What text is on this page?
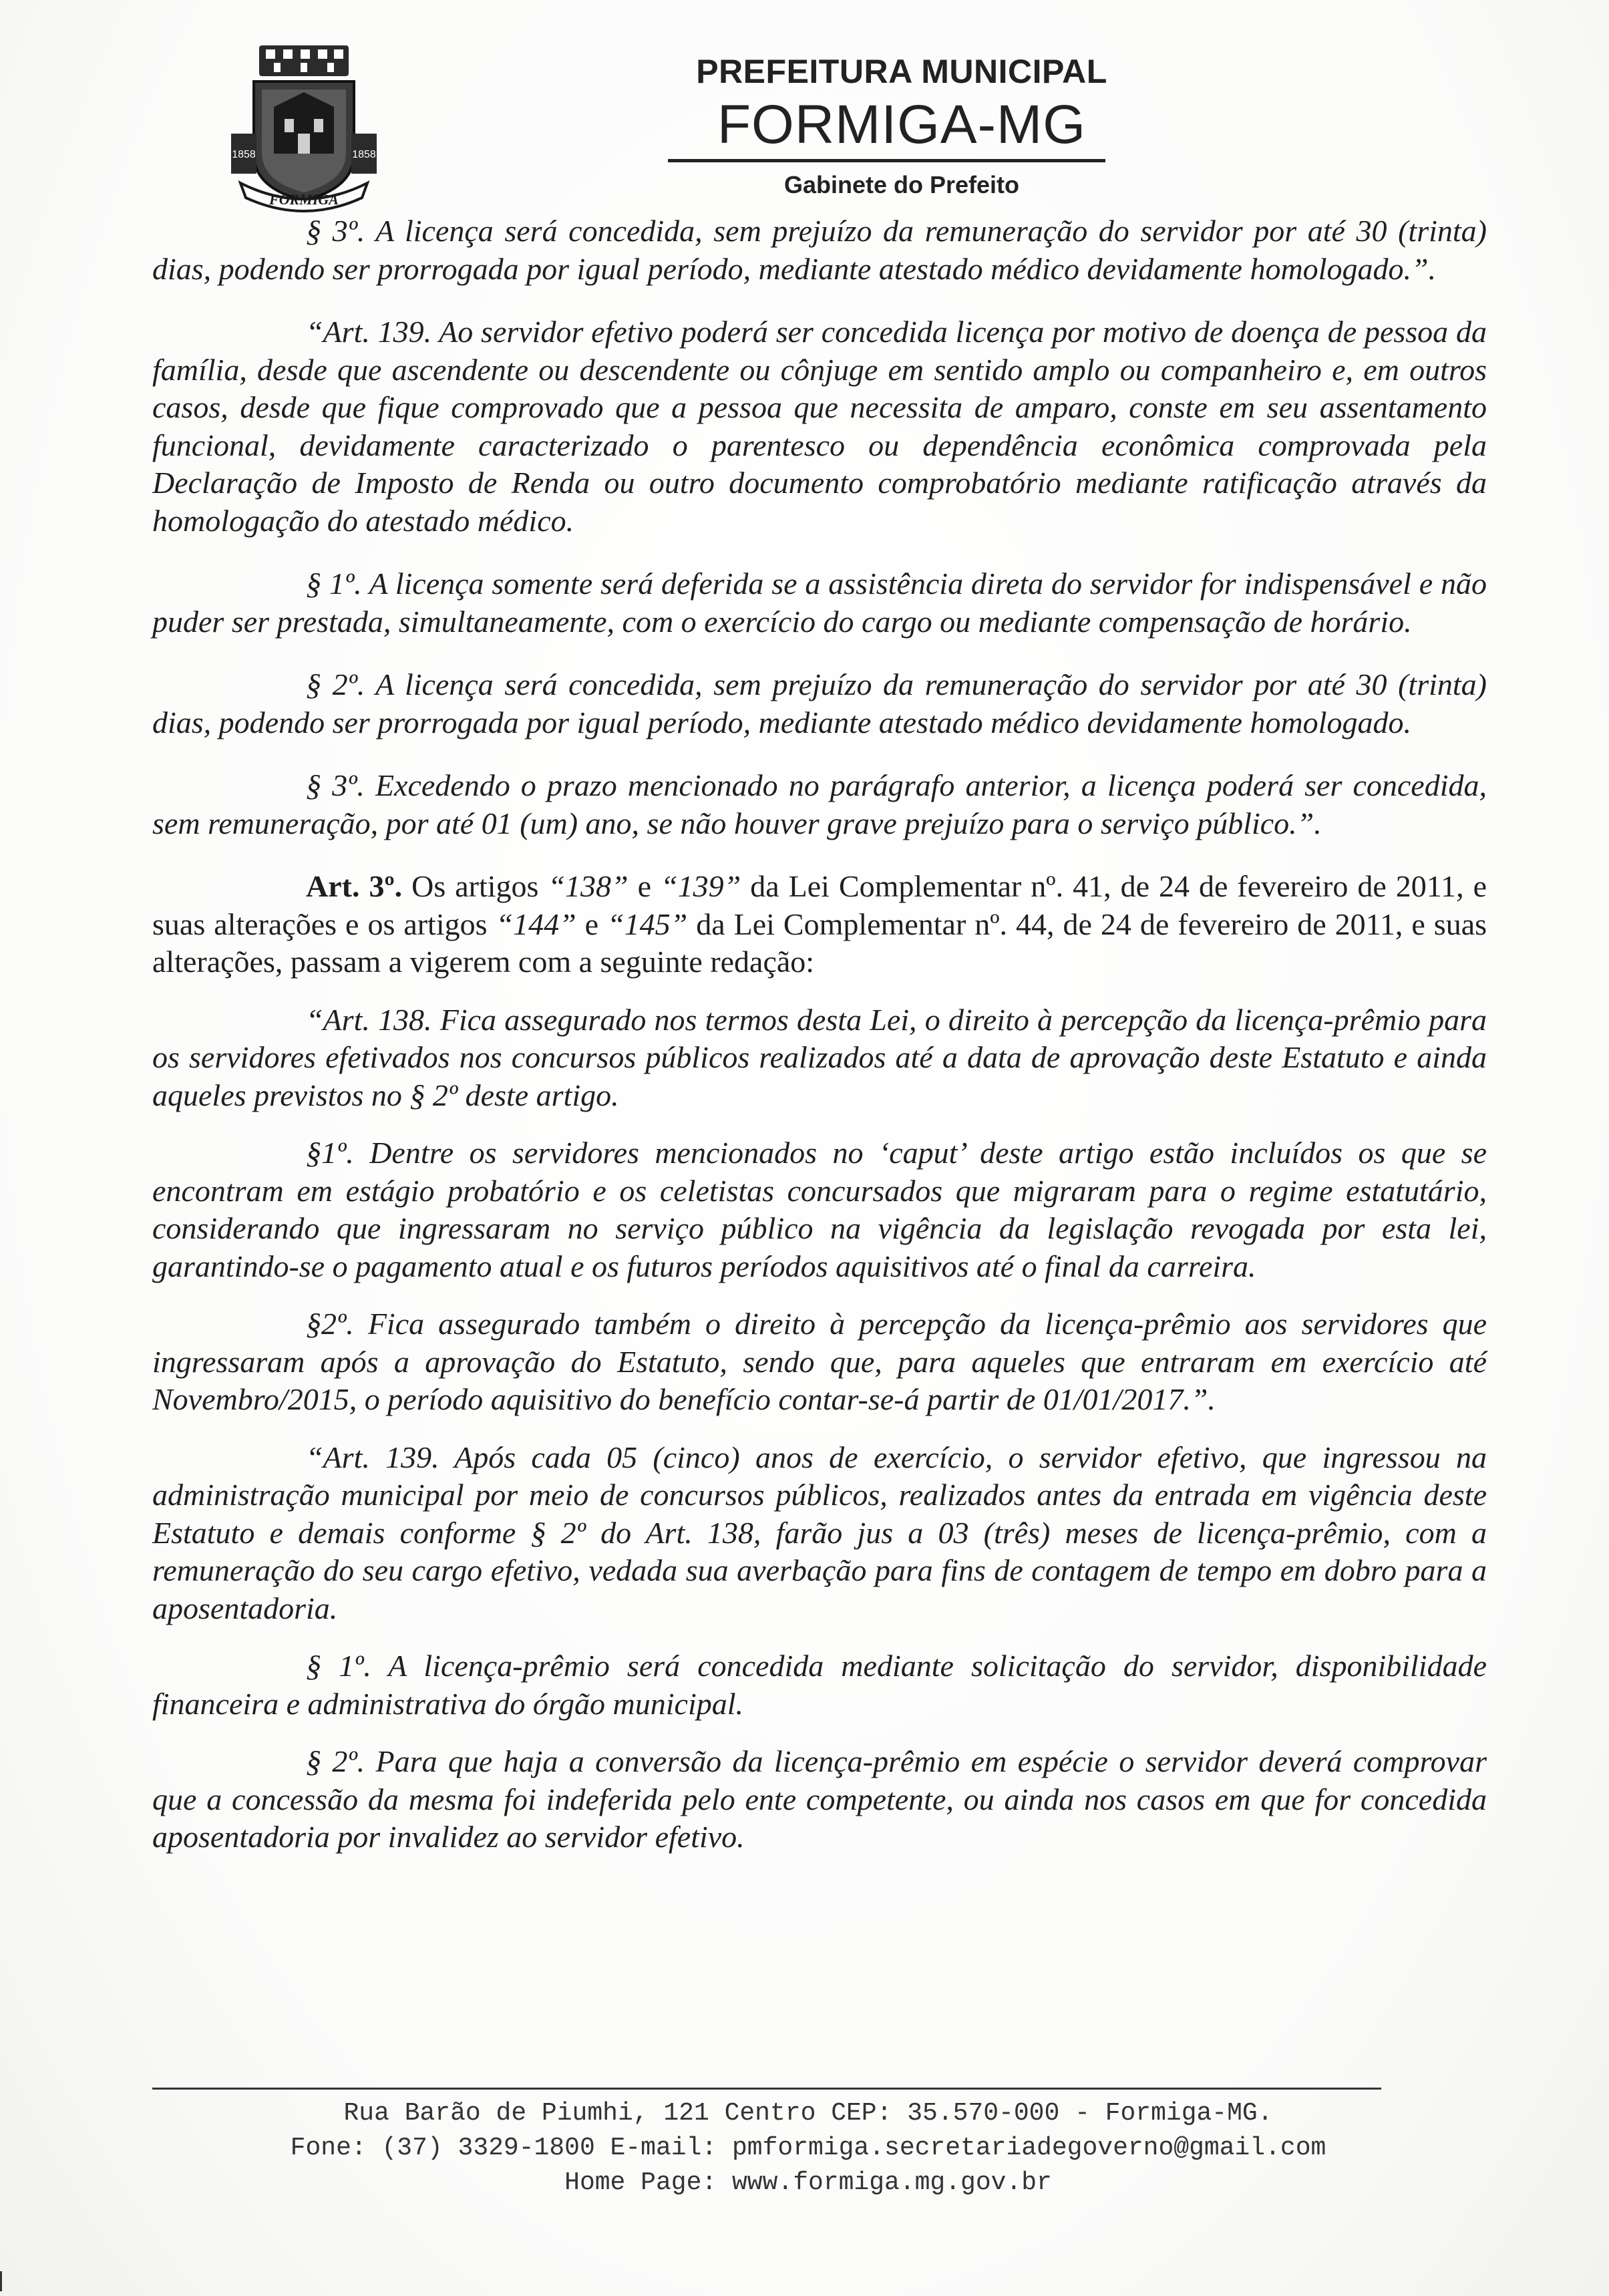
1858	1858
FORMIGA
PREFEITURA MUNICIPAL
FORMIGA-MG
Gabinete do Prefeito

§ 3º. A licença será concedida, sem prejuízo da remuneração do servidor por até 30 (trinta) dias, podendo ser prorrogada por igual período, mediante atestado médico devidamente homologado.”.

“Art. 139. Ao servidor efetivo poderá ser concedida licença por motivo de doença de pessoa da família, desde que ascendente ou descendente ou cônjuge em sentido amplo ou companheiro e, em outros casos, desde que fique comprovado que a pessoa que necessita de amparo, conste em seu assentamento funcional, devidamente caracterizado o parentesco ou dependência econômica comprovada pela Declaração de Imposto de Renda ou outro documento comprobatório mediante ratificação através da homologação do atestado médico.

§ 1º. A licença somente será deferida se a assistência direta do servidor for indispensável e não puder ser prestada, simultaneamente, com o exercício do cargo ou mediante compensação de horário.

§ 2º. A licença será concedida, sem prejuízo da remuneração do servidor por até 30 (trinta) dias, podendo ser prorrogada por igual período, mediante atestado médico devidamente homologado.

§ 3º. Excedendo o prazo mencionado no parágrafo anterior, a licença poderá ser concedida, sem remuneração, por até 01 (um) ano, se não houver grave prejuízo para o serviço público.”.

Art. 3º. Os artigos “138” e “139” da Lei Complementar nº. 41, de 24 de fevereiro de 2011, e suas alterações e os artigos “144” e “145” da Lei Complementar nº. 44, de 24 de fevereiro de 2011, e suas alterações, passam a vigerem com a seguinte redação:

“Art. 138. Fica assegurado nos termos desta Lei, o direito à percepção da licença-prêmio para os servidores efetivados nos concursos públicos realizados até a data de aprovação deste Estatuto e ainda aqueles previstos no § 2º deste artigo.

§1º. Dentre os servidores mencionados no ‘caput’ deste artigo estão incluídos os que se encontram em estágio probatório e os celetistas concursados que migraram para o regime estatutário, considerando que ingressaram no serviço público na vigência da legislação revogada por esta lei, garantindo-se o pagamento atual e os futuros períodos aquisitivos até o final da carreira.

§2º. Fica assegurado também o direito à percepção da licença-prêmio aos servidores que ingressaram após a aprovação do Estatuto, sendo que, para aqueles que entraram em exercício até Novembro/2015, o período aquisitivo do benefício contar-se-á partir de 01/01/2017.”.

“Art. 139. Após cada 05 (cinco) anos de exercício, o servidor efetivo, que ingressou na administração municipal por meio de concursos públicos, realizados antes da entrada em vigência deste Estatuto e demais conforme § 2º do Art. 138, farão jus a 03 (três) meses de licença-prêmio, com a remuneração do seu cargo efetivo, vedada sua averbação para fins de contagem de tempo em dobro para a aposentadoria.

§ 1º. A licença-prêmio será concedida mediante solicitação do servidor, disponibilidade financeira e administrativa do órgão municipal.

§ 2º. Para que haja a conversão da licença-prêmio em espécie o servidor deverá comprovar que a concessão da mesma foi indeferida pelo ente competente, ou ainda nos casos em que for concedida aposentadoria por invalidez ao servidor efetivo.

Rua Barão de Piumhi, 121 Centro CEP: 35.570-000 - Formiga-MG.
Fone: (37) 3329-1800 E-mail: pmformiga.secretariadegoverno@gmail.com
Home Page: www.formiga.mg.gov.br
